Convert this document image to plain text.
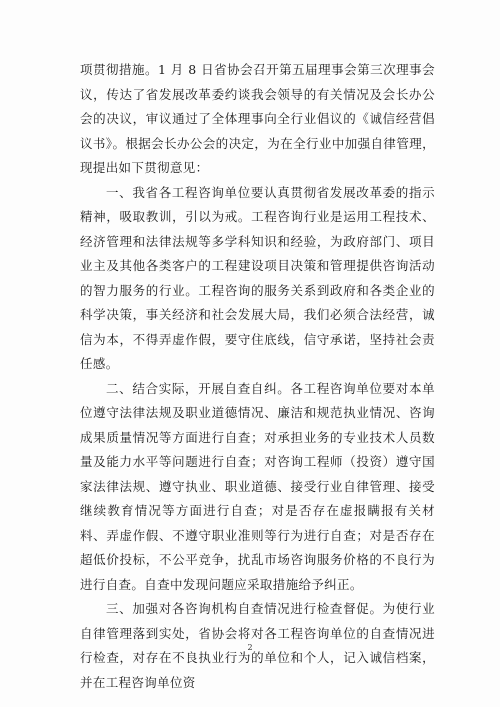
项贯彻措施。1 月 8 日省协会召开第五届理事会第三次理事会议，传达了省发展改革委约谈我会领导的有关情况及会长办公会的决议，审议通过了全体理事向全行业倡议的《诚信经营倡议书》。根据会长办公会的决定，为在全行业中加强自律管理，现提出如下贯彻意见：

一、我省各工程咨询单位要认真贯彻省发展改革委的指示精神，吸取教训，引以为戒。工程咨询行业是运用工程技术、经济管理和法律法规等多学科知识和经验，为政府部门、项目业主及其他各类客户的工程建设项目决策和管理提供咨询活动的智力服务的行业。工程咨询的服务关系到政府和各类企业的科学决策，事关经济和社会发展大局，我们必须合法经营，诚信为本，不得弄虚作假，要守住底线，信守承诺，坚持社会责任感。

二、结合实际，开展自查自纠。各工程咨询单位要对本单位遵守法律法规及职业道德情况、廉洁和规范执业情况、咨询成果质量情况等方面进行自查；对承担业务的专业技术人员数量及能力水平等问题进行自查；对咨询工程师（投资）遵守国家法律法规、遵守执业、职业道德、接受行业自律管理、接受继续教育情况等方面进行自查；对是否存在虚报瞒报有关材料、弄虚作假、不遵守职业准则等行为进行自查；对是否存在超低价投标，不公平竞争，扰乱市场咨询服务价格的不良行为进行自查。自查中发现问题应采取措施给予纠正。

三、加强对各咨询机构自查情况进行检查督促。为使行业自律管理落到实处，省协会将对各工程咨询单位的自查情况进行检查，对存在不良执业行为的单位和个人，记入诚信档案，并在工程咨询单位资

2
